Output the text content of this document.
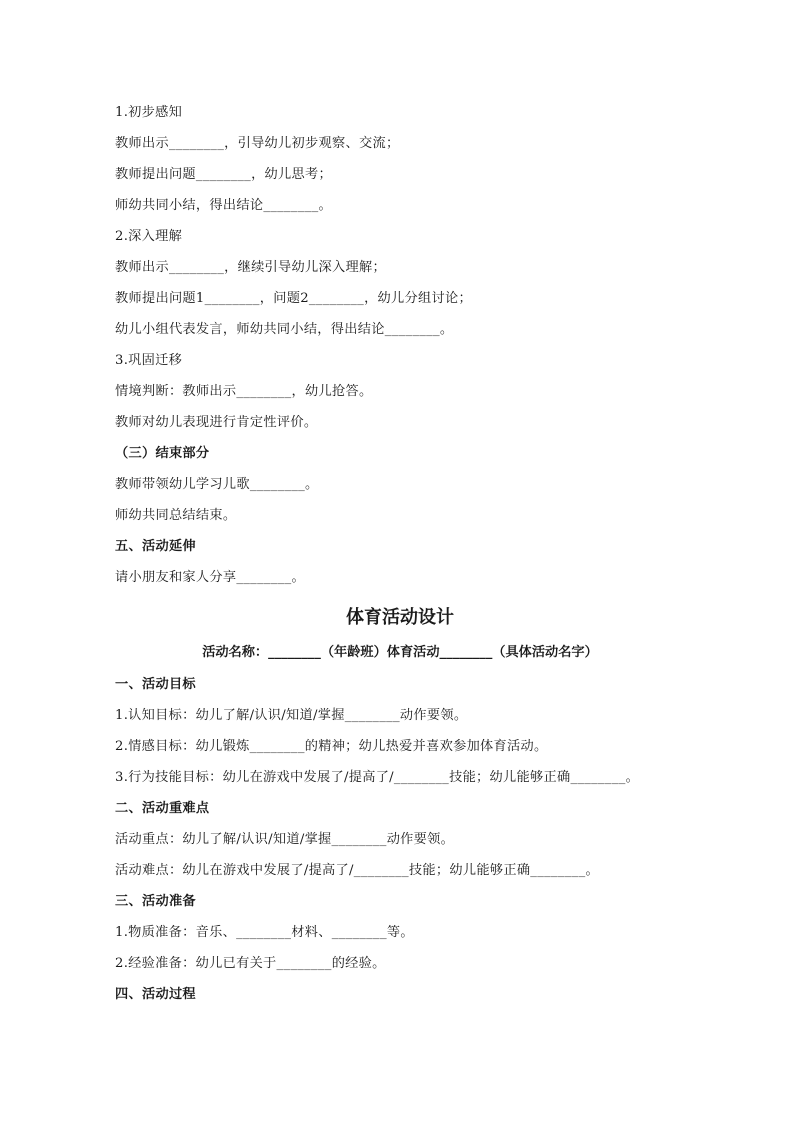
1.初步感知
教师出示________，引导幼儿初步观察、交流；
教师提出问题________，幼儿思考；
师幼共同小结，得出结论________。
2.深入理解
教师出示________，继续引导幼儿深入理解；
教师提出问题1________，问题2________，幼儿分组讨论；
幼儿小组代表发言，师幼共同小结，得出结论________。
3.巩固迁移
情境判断：教师出示________，幼儿抢答。
教师对幼儿表现进行肯定性评价。
（三）结束部分
教师带领幼儿学习儿歌________。
师幼共同总结结束。
五、活动延伸
请小朋友和家人分享________。
体育活动设计
活动名称：________（年龄班）体育活动________（具体活动名字）
一、活动目标
1.认知目标：幼儿了解/认识/知道/掌握________动作要领。
2.情感目标：幼儿锻炼________的精神；幼儿热爱并喜欢参加体育活动。
3.行为技能目标：幼儿在游戏中发展了/提高了/________技能；幼儿能够正确________。
二、活动重难点
活动重点：幼儿了解/认识/知道/掌握________动作要领。
活动难点：幼儿在游戏中发展了/提高了/________技能；幼儿能够正确________。
三、活动准备
1.物质准备：音乐、________材料、________等。
2.经验准备：幼儿已有关于________的经验。
四、活动过程
